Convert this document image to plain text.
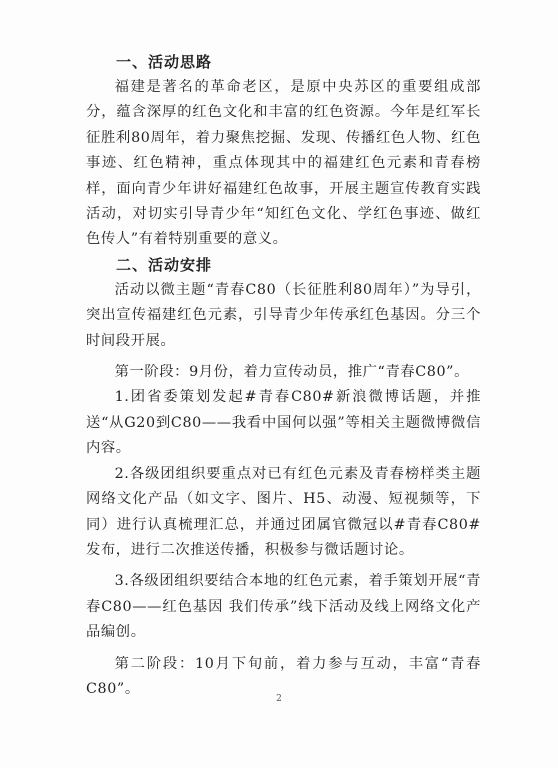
一、活动思路

福建是著名的革命老区，是原中央苏区的重要组成部分，蕴含深厚的红色文化和丰富的红色资源。今年是红军长征胜利80周年，着力聚焦挖掘、发现、传播红色人物、红色事迹、红色精神，重点体现其中的福建红色元素和青春榜样，面向青少年讲好福建红色故事，开展主题宣传教育实践活动，对切实引导青少年“知红色文化、学红色事迹、做红色传人”有着特别重要的意义。

二、活动安排

活动以微主题“青春C80（长征胜利80周年）”为导引，突出宣传福建红色元素，引导青少年传承红色基因。分三个时间段开展。

第一阶段：9月份，着力宣传动员，推广“青春C80”。

1.团省委策划发起#青春C80#新浪微博话题，并推送“从G20到C80——我看中国何以强”等相关主题微博微信内容。

2.各级团组织要重点对已有红色元素及青春榜样类主题网络文化产品（如文字、图片、H5、动漫、短视频等，下同）进行认真梳理汇总，并通过团属官微冠以#青春C80#发布，进行二次推送传播，积极参与微话题讨论。

3.各级团组织要结合本地的红色元素，着手策划开展“青春C80——红色基因 我们传承”线下活动及线上网络文化产品编创。

第二阶段：10月下旬前，着力参与互动，丰富“青春C80”。

2
